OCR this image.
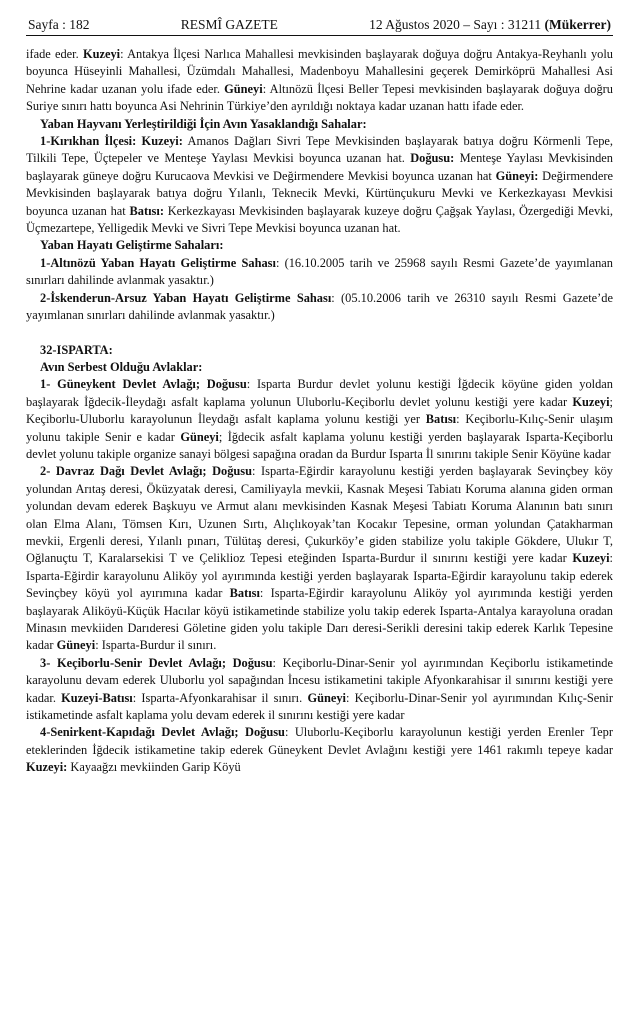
Sayfa : 182	RESMÎ GAZETE	12 Ağustos 2020 – Sayı : 31211 (Mükerrer)

ifade eder. Kuzeyi: Antakya İlçesi Narlıca Mahallesi mevkisinden başlayarak doğuya doğru Antakya-Reyhanlı yolu boyunca Hüseyinli Mahallesi, Üzümdalı Mahallesi, Madenboyu Mahallesini geçerek Demirköprü Mahallesi Asi Nehrine kadar uzanan yolu ifade eder. Güneyi: Altınözü İlçesi Beller Tepesi mevkisinden başlayarak doğuya doğru Suriye sınırı hattı boyunca Asi Nehrinin Türkiye’den ayrıldığı noktaya kadar uzanan hattı ifade eder.

Yaban Hayvanı Yerleştirildiği İçin Avın Yasaklandığı Sahalar:

1-Kırıkhan İlçesi: Kuzeyi: Amanos Dağları Sivri Tepe Mevkisinden başlayarak batıya doğru Körmenli Tepe, Tilkili Tepe, Üçtepeler ve Menteşe Yaylası Mevkisi boyunca uzanan hat. Doğusu: Menteşe Yaylası Mevkisinden başlayarak güneye doğru Kurucaova Mevkisi ve Değirmendere Mevkisi boyunca uzanan hat Güneyi: Değirmendere Mevkisinden başlayarak batıya doğru Yılanlı, Teknecik Mevki, Kürtünçukuru Mevki ve Kerkezkayası Mevkisi boyunca uzanan hat Batısı: Kerkezkayası Mevkisinden başlayarak kuzeye doğru Çağşak Yaylası, Özergediği Mevki, Üçmezartepe, Yelligedik Mevki ve Sivri Tepe Mevkisi boyunca uzanan hat.

Yaban Hayatı Geliştirme Sahaları:

1-Altınözü Yaban Hayatı Geliştirme Sahası: (16.10.2005 tarih ve 25968 sayılı Resmi Gazete’de yayımlanan sınırları dahilinde avlanmak yasaktır.)

2-İskenderun-Arsuz Yaban Hayatı Geliştirme Sahası: (05.10.2006 tarih ve 26310 sayılı Resmi Gazete’de yayımlanan sınırları dahilinde avlanmak yasaktır.)

32-ISPARTA:

Avın Serbest Olduğu Avlaklar:

1- Güneykent Devlet Avlağı; Doğusu: Isparta Burdur devlet yolunu kestiği İğdecik köyüne giden yoldan başlayarak İğdecik-İleydağı asfalt kaplama yolunun Uluborlu-Keçiborlu devlet yolunu kestiği yere kadar Kuzeyi; Keçiborlu-Uluborlu karayolunun İleydağı asfalt kaplama yolunu kestiği yer Batısı: Keçiborlu-Kılıç-Senir ulaşım yolunu takiple Senir e kadar Güneyi; İğdecik asfalt kaplama yolunu kestiği yerden başlayarak Isparta-Keçiborlu devlet yolunu takiple organize sanayi bölgesi sapağına oradan da Burdur Isparta İl sınırını takiple Senir Köyüne kadar

2- Davraz Dağı Devlet Avlağı; Doğusu: Isparta-Eğirdir karayolunu kestiği yerden başlayarak Sevinçbey köy yolundan Arıtaş deresi, Öküzyatak deresi, Camiliyayla mevkii, Kasnak Meşesi Tabiatı Koruma alanına giden orman yolundan devam ederek Başkuyu ve Armut alanı mevkisinden Kasnak Meşesi Tabiatı Koruma Alanının batı sınırı olan Elma Alanı, Tömsen Kırı, Uzunen Sırtı, Alıçlıkoyak’tan Kocakır Tepesine, orman yolundan Çatakharman mevkii, Ergenli deresi, Yılanlı pınarı, Tülütaş deresi, Çukurköy’e giden stabilize yolu takiple Gökdere, Ulukır T, Oğlanuçtu T, Karalarsekisi T ve Çeliklioz Tepesi eteğinden Isparta-Burdur il sınırını kestiği yere kadar Kuzeyi: Isparta-Eğirdir karayolunu Aliköy yol ayırımında kestiği yerden başlayarak Isparta-Eğirdir karayolunu takip ederek Sevinçbey köyü yol ayırımına kadar Batısı: Isparta-Eğirdir karayolunu Aliköy yol ayırımında kestiği yerden başlayarak Aliköyü-Küçük Hacılar köyü istikametinde stabilize yolu takip ederek Isparta-Antalya karayoluna oradan Minasın mevkiiden Darıderesi Göletine giden yolu takiple Darı deresi-Serikli deresini takip ederek Karlık Tepesine kadar Güneyi: Isparta-Burdur il sınırı.

3- Keçiborlu-Senir Devlet Avlağı; Doğusu: Keçiborlu-Dinar-Senir yol ayırımından Keçiborlu istikametinde karayolunu devam ederek Uluborlu yol sapağından İncesu istikametini takiple Afyonkarahisar il sınırını kestiği yere kadar. Kuzeyi-Batısı: Isparta-Afyonkarahisar il sınırı. Güneyi: Keçiborlu-Dinar-Senir yol ayırımından Kılıç-Senir istikametinde asfalt kaplama yolu devam ederek il sınırını kestiği yere kadar

4-Senirkent-Kapıdağı Devlet Avlağı; Doğusu: Uluborlu-Keçiborlu karayolunun kestiği yerden Erenler Tepr eteklerinden İğdecik istikametine takip ederek Güneykent Devlet Avlağını kestiği yere 1461 rakımlı tepeye kadar Kuzeyi: Kayaağzı mevkiinden Garip Köyü
